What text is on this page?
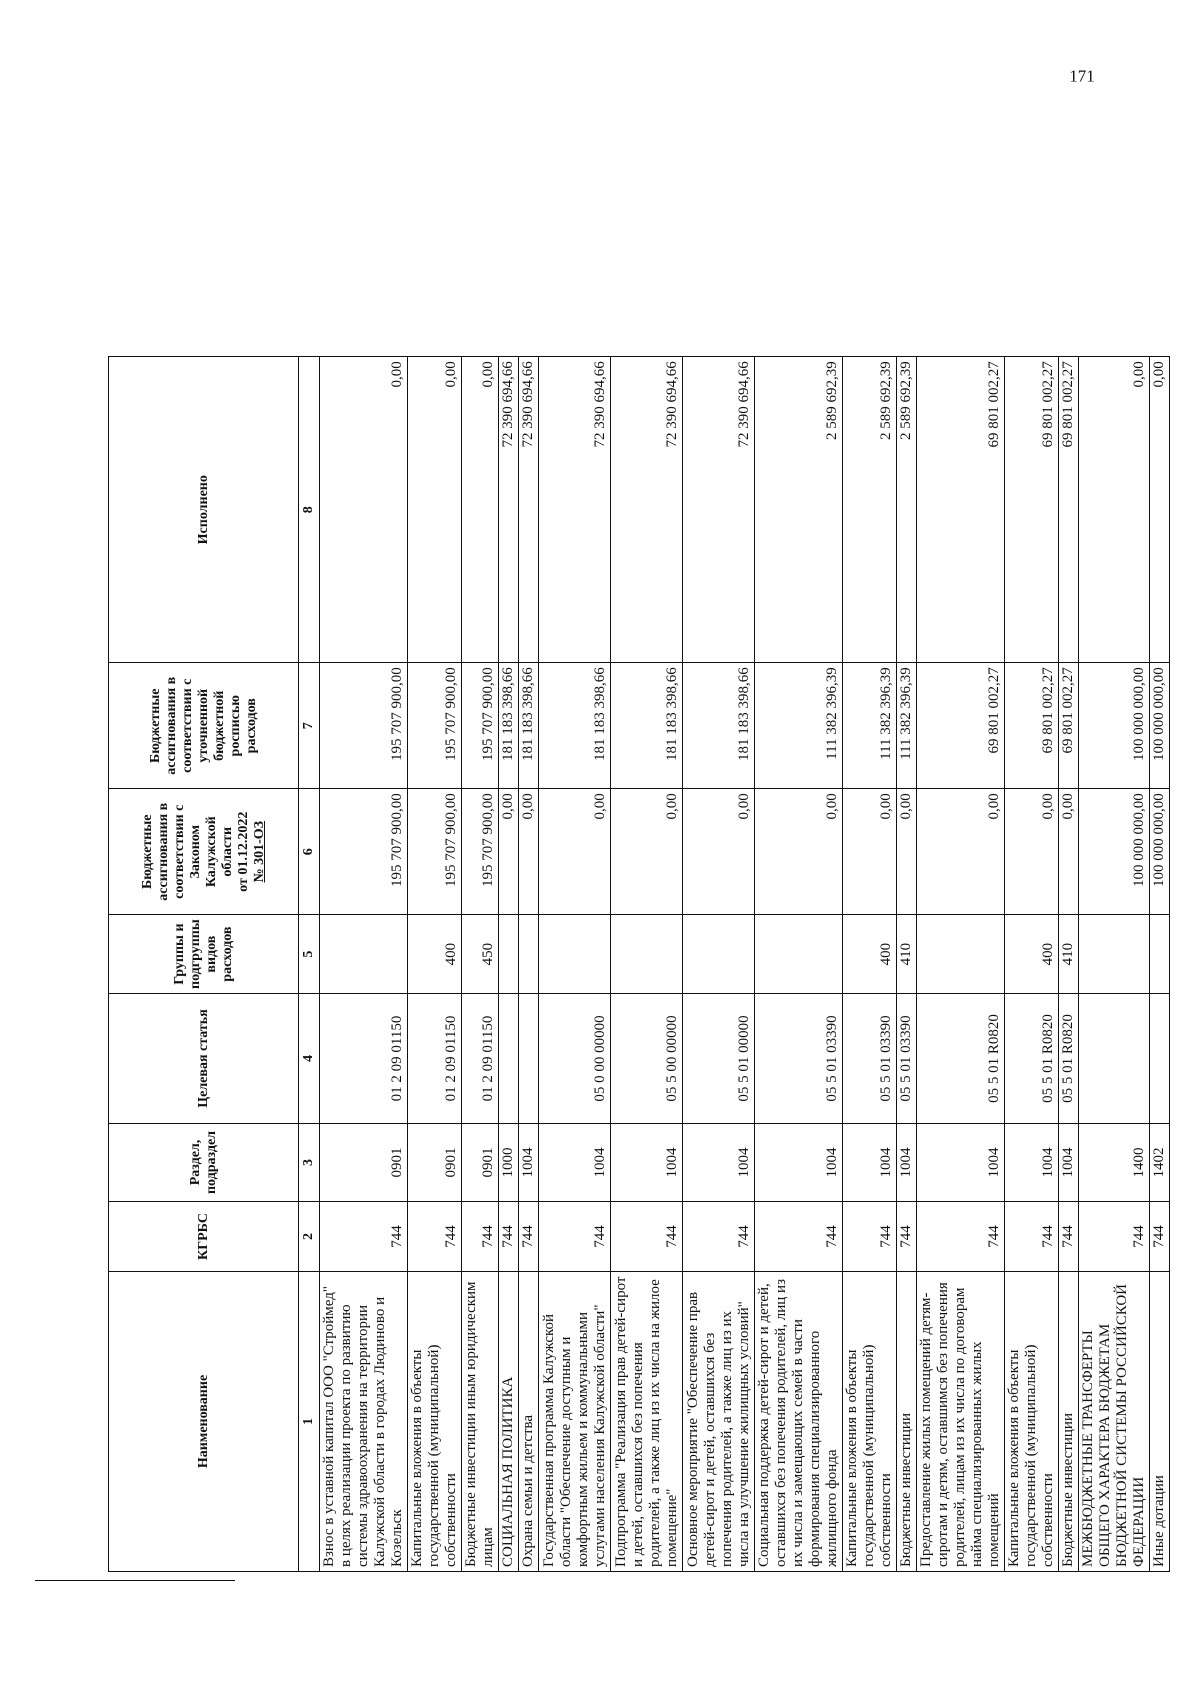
Наименование	КГРБС	Раздел, подраздел	Целевая статья	Группы и подгруппы видов расходов	Бюджетные ассигнования в соответствии с Законом Калужской области от 01.12.2022 № 301-ОЗ	Бюджетные ассигнования в соответствии с уточненной бюджетной росписью расходов	Исполнено
1	2	3	4	5	6	7	8
Взнос в уставной капитал ООО "Строймед" в целях реализации проекта по развитию системы здравоохранения на территории Калужской области в городах Людиново и Козельск	744	0901	01 2 09 01150		195 707 900,00	195 707 900,00	0,00
Капитальные вложения в объекты государственной (муниципальной) собственности	744	0901	01 2 09 01150	400	195 707 900,00	195 707 900,00	0,00
Бюджетные инвестиции иным юридическим лицам	744	0901	01 2 09 01150	450	195 707 900,00	195 707 900,00	0,00
СОЦИАЛЬНАЯ ПОЛИТИКА	744	1000			0,00	181 183 398,66	72 390 694,66
Охрана семьи и детства	744	1004			0,00	181 183 398,66	72 390 694,66
Государственная программа Калужской области "Обеспечение доступным и комфортным жильем и коммунальными услугами населения Калужской области"	744	1004	05 0 00 00000		0,00	181 183 398,66	72 390 694,66
Подпрограмма "Реализация прав детей-сирот и детей, оставшихся без попечения родителей, а также лиц из их числа на жилое помещение"	744	1004	05 5 00 00000		0,00	181 183 398,66	72 390 694,66
Основное мероприятие "Обеспечение прав детей-сирот и детей, оставшихся без попечения родителей, а также лиц из их числа на улучшение жилищных условий"	744	1004	05 5 01 00000		0,00	181 183 398,66	72 390 694,66
Социальная поддержка детей-сирот и детей, оставшихся без попечения родителей, лиц из их числа и замещающих семей в части формирования специализированного жилищного фонда	744	1004	05 5 01 03390		0,00	111 382 396,39	2 589 692,39
Капитальные вложения в объекты государственной (муниципальной) собственности	744	1004	05 5 01 03390	400	0,00	111 382 396,39	2 589 692,39
Бюджетные инвестиции	744	1004	05 5 01 03390	410	0,00	111 382 396,39	2 589 692,39
Предоставление жилых помещений детям-сиротам и детям, оставшимся без попечения родителей, лицам из их числа по договорам найма специализированных жилых помещений	744	1004	05 5 01 R0820		0,00	69 801 002,27	69 801 002,27
Капитальные вложения в объекты государственной (муниципальной) собственности	744	1004	05 5 01 R0820	400	0,00	69 801 002,27	69 801 002,27
Бюджетные инвестиции	744	1004	05 5 01 R0820	410	0,00	69 801 002,27	69 801 002,27
МЕЖБЮДЖЕТНЫЕ ТРАНСФЕРТЫ ОБЩЕГО ХАРАКТЕРА БЮДЖЕТАМ БЮДЖЕТНОЙ СИСТЕМЫ РОССИЙСКОЙ ФЕДЕРАЦИИ	744	1400			100 000 000,00	100 000 000,00	0,00
Иные дотации	744	1402			100 000 000,00	100 000 000,00	0,00
171
